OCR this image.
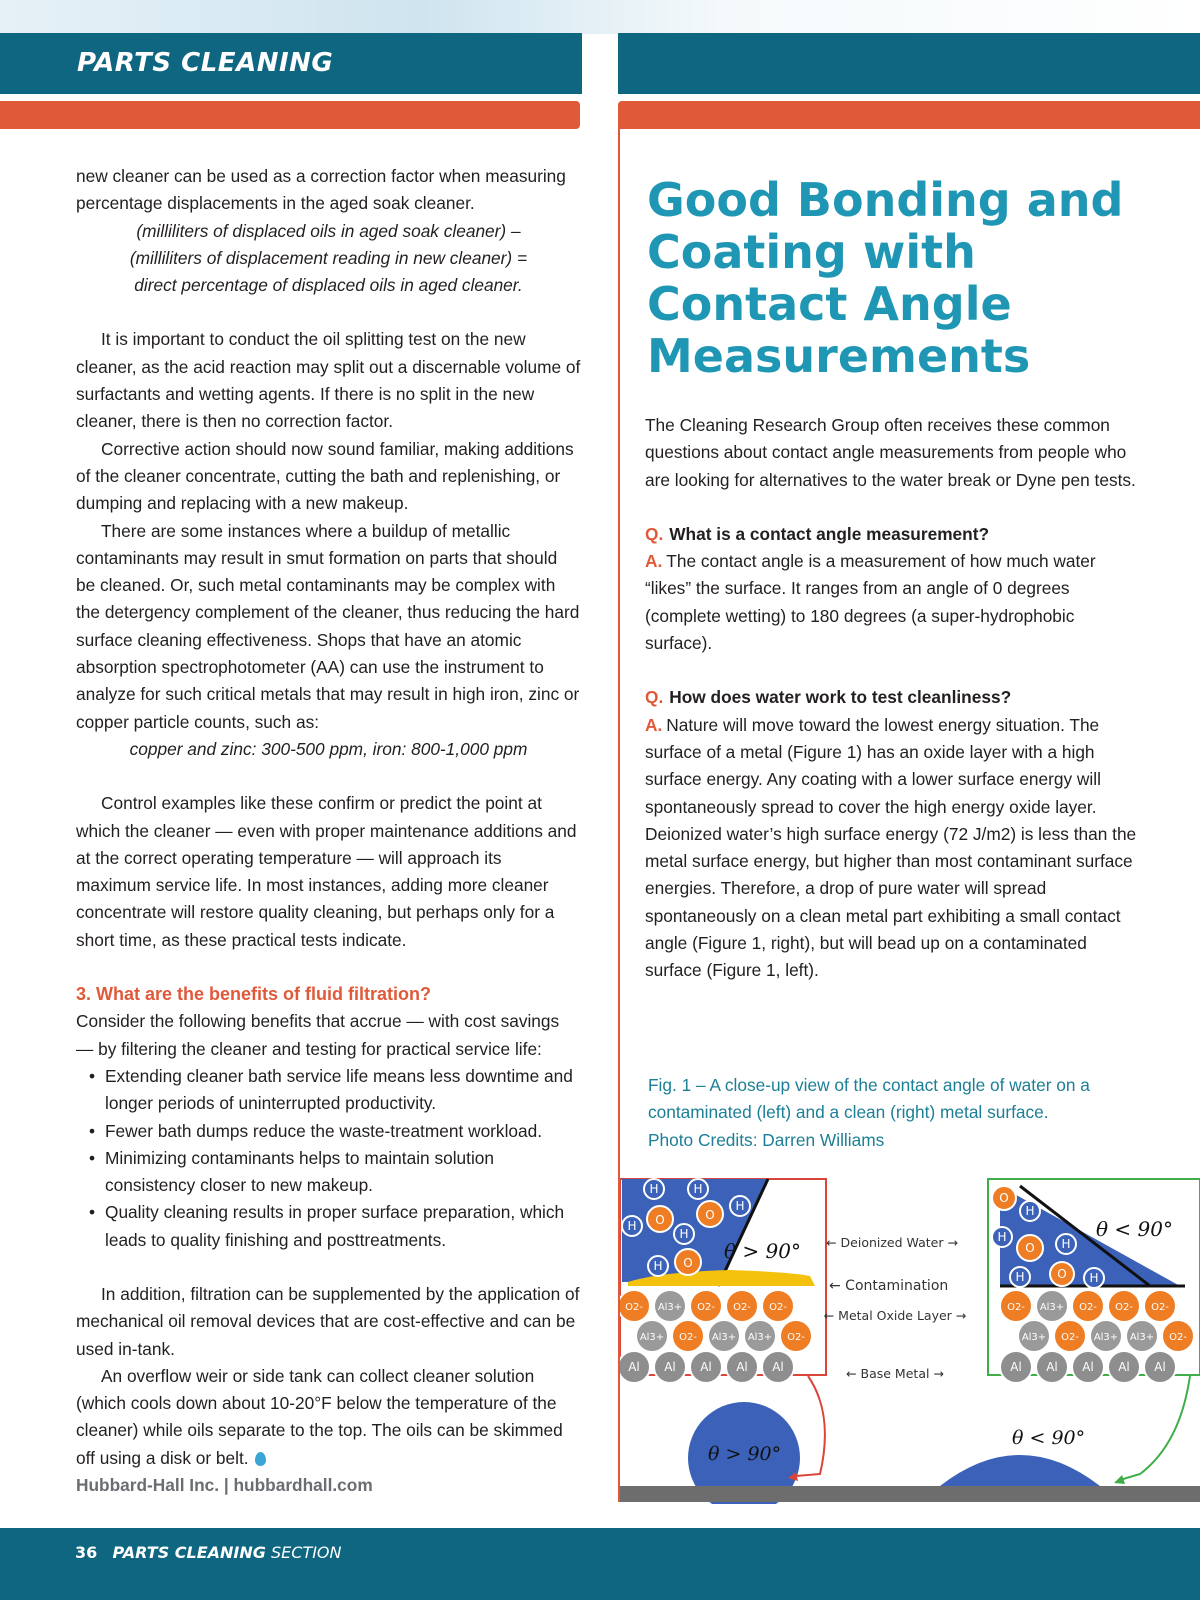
PARTS CLEANING

new cleaner can be used as a correction factor when measuring percentage displacements in the aged soak cleaner.

(milliliters of displaced oils in aged soak cleaner) –

(milliliters of displacement reading in new cleaner) =

direct percentage of displaced oils in aged cleaner.

It is important to conduct the oil splitting test on the new cleaner, as the acid reaction may split out a discernable volume of surfactants and wetting agents. If there is no split in the new cleaner, there is then no correction factor.

Corrective action should now sound familiar, making additions of the cleaner concentrate, cutting the bath and replenishing, or dumping and replacing with a new makeup.

There are some instances where a buildup of metallic contaminants may result in smut formation on parts that should be cleaned. Or, such metal contaminants may be complex with the detergency complement of the cleaner, thus reducing the hard surface cleaning effectiveness. Shops that have an atomic absorption spectrophotometer (AA) can use the instrument to analyze for such critical metals that may result in high iron, zinc or copper particle counts, such as:

copper and zinc: 300-500 ppm, iron: 800-1,000 ppm

Control examples like these confirm or predict the point at which the cleaner — even with proper maintenance additions and at the correct operating temperature — will approach its maximum service life. In most instances, adding more cleaner concentrate will restore quality cleaning, but perhaps only for a short time, as these practical tests indicate.

3. What are the benefits of fluid filtration?

Consider the following benefits that accrue — with cost savings — by filtering the cleaner and testing for practical service life:

• Extending cleaner bath service life means less downtime and longer periods of uninterrupted productivity.
• Fewer bath dumps reduce the waste-treatment workload.
• Minimizing contaminants helps to maintain solution consistency closer to new makeup.
• Quality cleaning results in proper surface preparation, which leads to quality finishing and posttreatments.

In addition, filtration can be supplemented by the application of mechanical oil removal devices that are cost-effective and can be used in-tank.

An overflow weir or side tank can collect cleaner solution (which cools down about 10-20°F below the temperature of the cleaner) while oils separate to the top. The oils can be skimmed off using a disk or belt.

Hubbard-Hall Inc. | hubbardhall.com

Good Bonding and Coating with Contact Angle Measurements

The Cleaning Research Group often receives these common questions about contact angle measurements from people who are looking for alternatives to the water break or Dyne pen tests.

Q. What is a contact angle measurement?

A. The contact angle is a measurement of how much water “likes” the surface. It ranges from an angle of 0 degrees (complete wetting) to 180 degrees (a super-hydrophobic surface).

Q. How does water work to test cleanliness?

A. Nature will move toward the lowest energy situation. The surface of a metal (Figure 1) has an oxide layer with a high surface energy. Any coating with a lower surface energy will spontaneously spread to cover the high energy oxide layer. Deionized water’s high surface energy (72 J/m2) is less than the metal surface energy, but higher than most contaminant surface energies. Therefore, a drop of pure water will spread spontaneously on a clean metal part exhibiting a small contact angle (Figure 1, right), but will bead up on a contaminated surface (Figure 1, left).

Fig. 1 – A close-up view of the contact angle of water on a

contaminated (left) and a clean (right) metal surface.

Photo Credits: Darren Williams

H	H
H
H
H
H
O	O
O θ > 90°
O2- Al3+ O2- O2- O2-
Al3+ O2- Al3+ Al3+ O2-
Al Al Al Al Al
← Deionized Water →
← Contamination
← Metal Oxide Layer →
← Base Metal →
O
H
H
O H
H	O H
θ < 90°
O2- Al3+ O2- O2- O2-
Al3+ O2- Al3+ Al3+ O2-
Al Al Al Al Al
θ > 90°
θ < 90°
36 PARTS CLEANING SECTION
